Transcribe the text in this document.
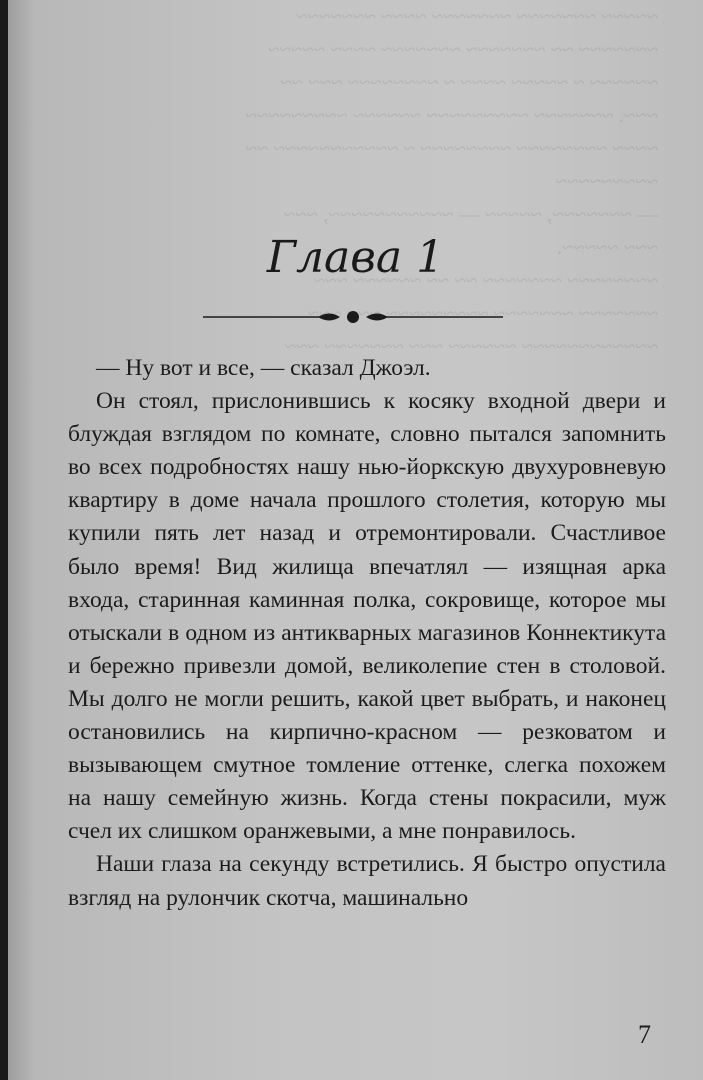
~~~~~ ~~~~~~~ ~~~~~~~ ~~~~ ~~~~~~~
~~~~~~~ ~~ ~~~~~~~ ~~~~~~~ ~~~~ ~~~~~
~~~~~~ ~ ~~~~~ ~~~~ ~ ~~~~~~~~ ~~~ ~~
~~~. ~~~~~~~ ~~~~~~~~~ ~~~~~~ ~~~~~~~~~
~~~~ ~~~~~~~~ ~~~~~~~~ ~ ~~~~~~~~~~~ ~~
~~~~~~~~~
— ~~~~~~~, ~~~~~ — ~~~~~~~~~~~, ~~~
~~~ ~~~~~.
~~~~~~~~ ~~~~~~~ ~~ ~~ ~~~~~~ ~~~
~~~~~~~ ~~~~~~~ ~~~~~~~~~ ~~~ ~~~
~~~~~~~~~~~~ ~~~~~~ ~~~ ~~~~~~~ ~~~
Глава 1

— Ну вот и все, — сказал Джоэл.

Он стоял, прислонившись к косяку входной двери и блуждая взглядом по комнате, словно пытался запомнить во всех подробностях нашу нью-йоркскую двухуровневую квартиру в доме начала прошлого столетия, которую мы купили пять лет назад и отремонтировали. Счастливое было время! Вид жилища впечатлял — изящная арка входа, старинная каминная полка, сокровище, которое мы отыскали в одном из антикварных магазинов Коннектикута и бережно привезли домой, великолепие стен в столовой. Мы долго не могли решить, какой цвет выбрать, и наконец остановились на кирпично-красном — резковатом и вызывающем смутное томление оттенке, слегка похожем на нашу семейную жизнь. Когда стены покрасили, муж счел их слишком оранжевыми, а мне понравилось.

Наши глаза на секунду встретились. Я быстро опустила взгляд на рулончик скотча, машинально

7
